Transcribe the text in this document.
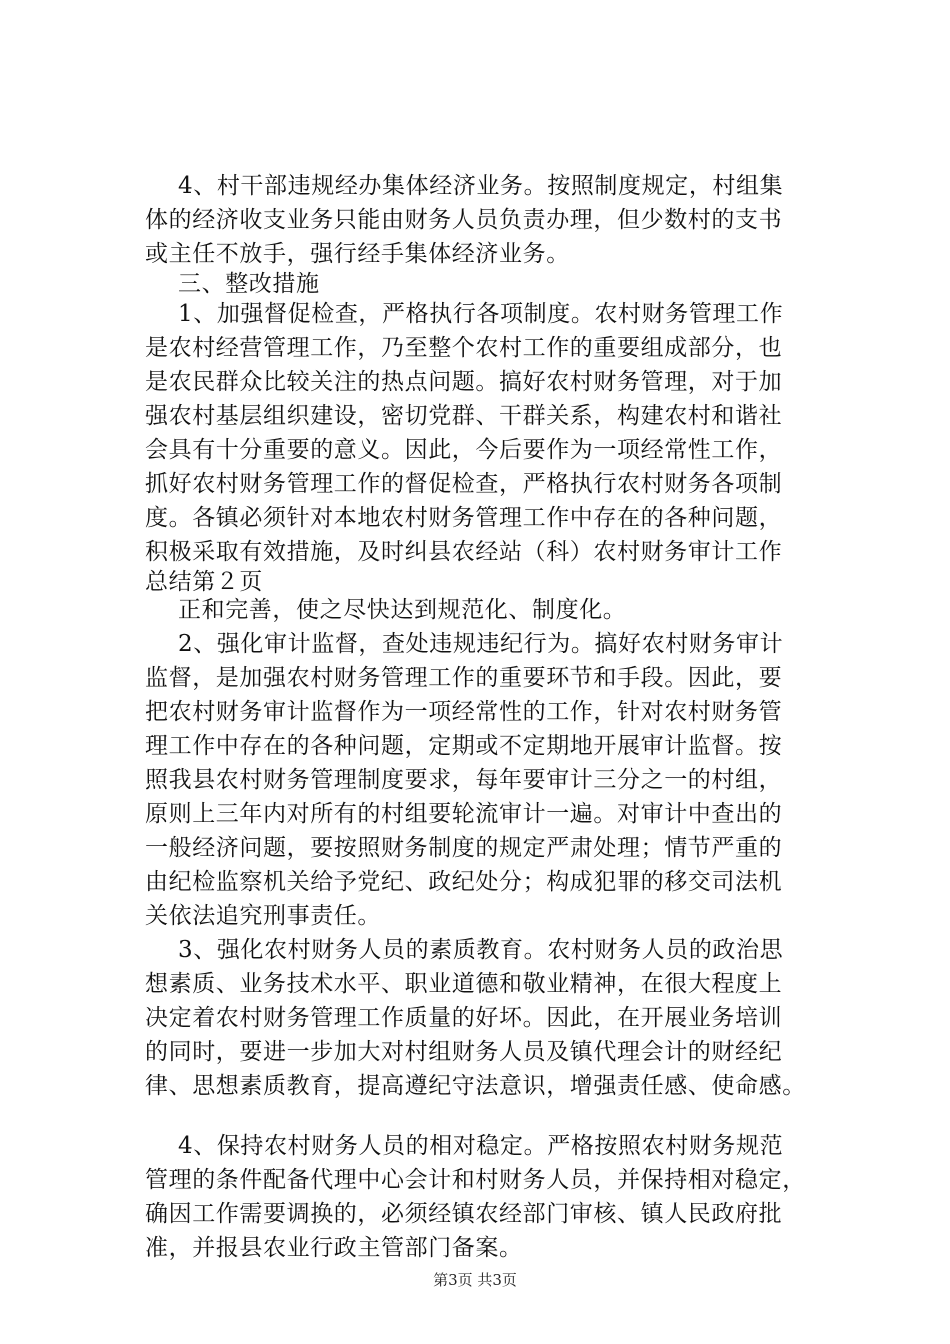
4、村干部违规经办集体经济业务。按照制度规定，村组集
体的经济收支业务只能由财务人员负责办理，但少数村的支书
或主任不放手，强行经手集体经济业务。
三、整改措施
1、加强督促检查，严格执行各项制度。农村财务管理工作
是农村经营管理工作，乃至整个农村工作的重要组成部分，也
是农民群众比较关注的热点问题。搞好农村财务管理，对于加
强农村基层组织建设，密切党群、干群关系，构建农村和谐社
会具有十分重要的意义。因此，今后要作为一项经常性工作，
抓好农村财务管理工作的督促检查，严格执行农村财务各项制
度。各镇必须针对本地农村财务管理工作中存在的各种问题，
积极采取有效措施，及时纠县农经站（科）农村财务审计工作
总结第２页
正和完善，使之尽快达到规范化、制度化。
2、强化审计监督，查处违规违纪行为。搞好农村财务审计
监督，是加强农村财务管理工作的重要环节和手段。因此，要
把农村财务审计监督作为一项经常性的工作，针对农村财务管
理工作中存在的各种问题，定期或不定期地开展审计监督。按
照我县农村财务管理制度要求，每年要审计三分之一的村组，
原则上三年内对所有的村组要轮流审计一遍。对审计中查出的
一般经济问题，要按照财务制度的规定严肃处理；情节严重的
由纪检监察机关给予党纪、政纪处分；构成犯罪的移交司法机
关依法追究刑事责任。
3、强化农村财务人员的素质教育。农村财务人员的政治思
想素质、业务技术水平、职业道德和敬业精神，在很大程度上
决定着农村财务管理工作质量的好坏。因此，在开展业务培训
的同时，要进一步加大对村组财务人员及镇代理会计的财经纪
律、思想素质教育，提高遵纪守法意识，增强责任感、使命感。
4、保持农村财务人员的相对稳定。严格按照农村财务规范
管理的条件配备代理中心会计和村财务人员，并保持相对稳定，
确因工作需要调换的，必须经镇农经部门审核、镇人民政府批
准，并报县农业行政主管部门备案。
第3页 共3页
